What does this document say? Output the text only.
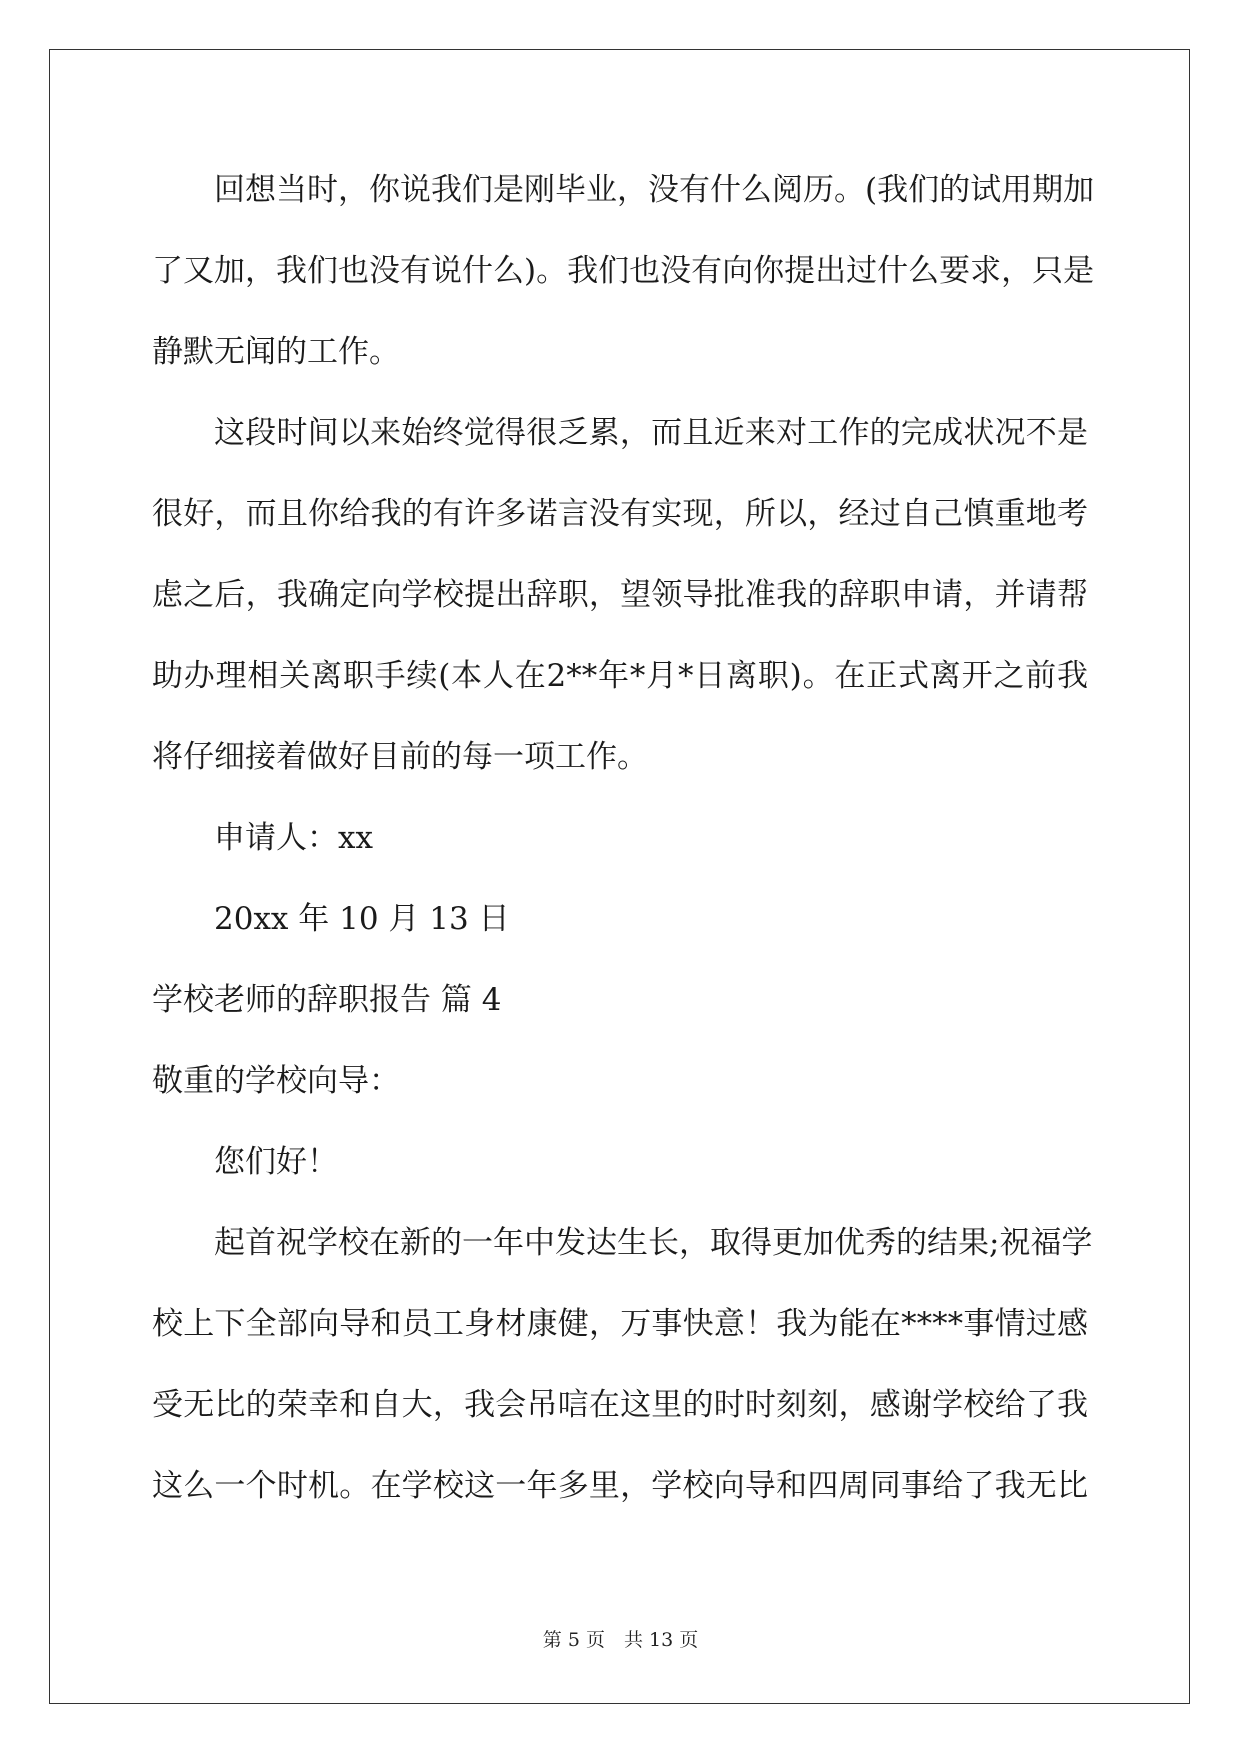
回想当时，你说我们是刚毕业，没有什么阅历。(我们的试用期加
了又加，我们也没有说什么)。我们也没有向你提出过什么要求，只是
静默无闻的工作。
这段时间以来始终觉得很乏累，而且近来对工作的完成状况不是
很好，而且你给我的有许多诺言没有实现，所以，经过自己慎重地考
虑之后，我确定向学校提出辞职，望领导批准我的辞职申请，并请帮
助办理相关离职手续(本人在2**年*月*日离职)。在正式离开之前我
将仔细接着做好目前的每一项工作。
申请人：xx
20xx 年 10 月 13 日
学校老师的辞职报告 篇 4
敬重的学校向导：
您们好！
起首祝学校在新的一年中发达生长，取得更加优秀的结果;祝福学
校上下全部向导和员工身材康健，万事快意！我为能在****事情过感
受无比的荣幸和自大，我会吊唁在这里的时时刻刻，感谢学校给了我
这么一个时机。在学校这一年多里，学校向导和四周同事给了我无比
第 5 页　共 13 页
